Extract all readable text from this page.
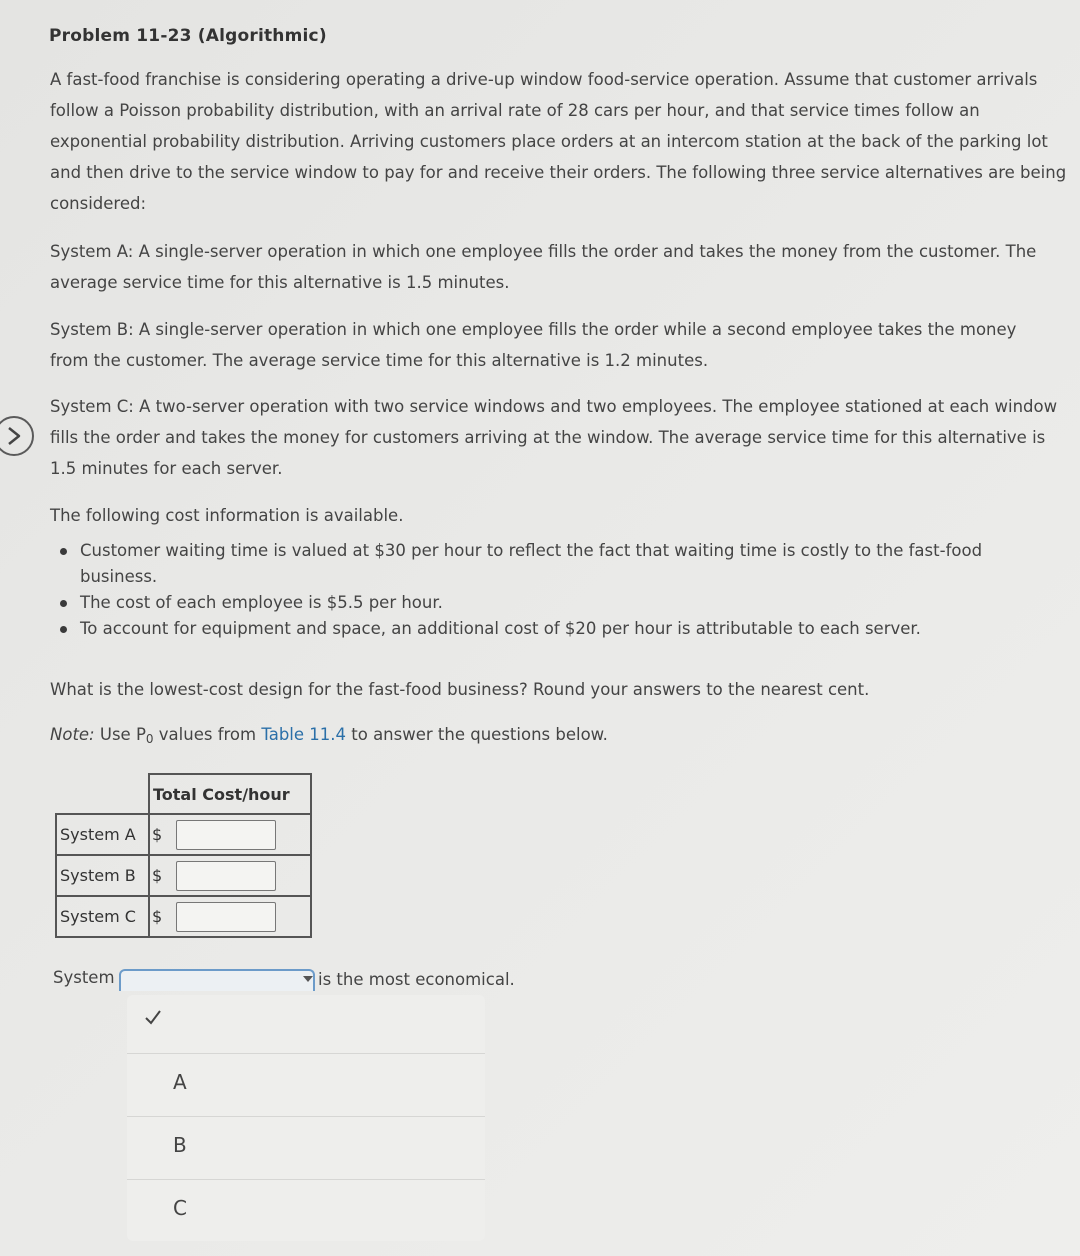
Problem 11-23 (Algorithmic)
A fast-food franchise is considering operating a drive-up window food-service operation. Assume that customer arrivals follow a Poisson probability distribution, with an arrival rate of 28 cars per hour, and that service times follow an exponential probability distribution. Arriving customers place orders at an intercom station at the back of the parking lot and then drive to the service window to pay for and receive their orders. The following three service alternatives are being considered:
System A: A single-server operation in which one employee fills the order and takes the money from the customer. The average service time for this alternative is 1.5 minutes.
System B: A single-server operation in which one employee fills the order while a second employee takes the money from the customer. The average service time for this alternative is 1.2 minutes.
System C: A two-server operation with two service windows and two employees. The employee stationed at each window fills the order and takes the money for customers arriving at the window. The average service time for this alternative is 1.5 minutes for each server.
The following cost information is available.
Customer waiting time is valued at $30 per hour to reflect the fact that waiting time is costly to the fast-food business.
The cost of each employee is $5.5 per hour.
To account for equipment and space, an additional cost of $20 per hour is attributable to each server.
What is the lowest-cost design for the fast-food business? Round your answers to the nearest cent.
Note: Use $P_0$ values from Table 11.4 to answer the questions below.
	Total Cost/hour	
System A	$	

System B	$	

System C	$	
System	is the most economical.
A
B
C
